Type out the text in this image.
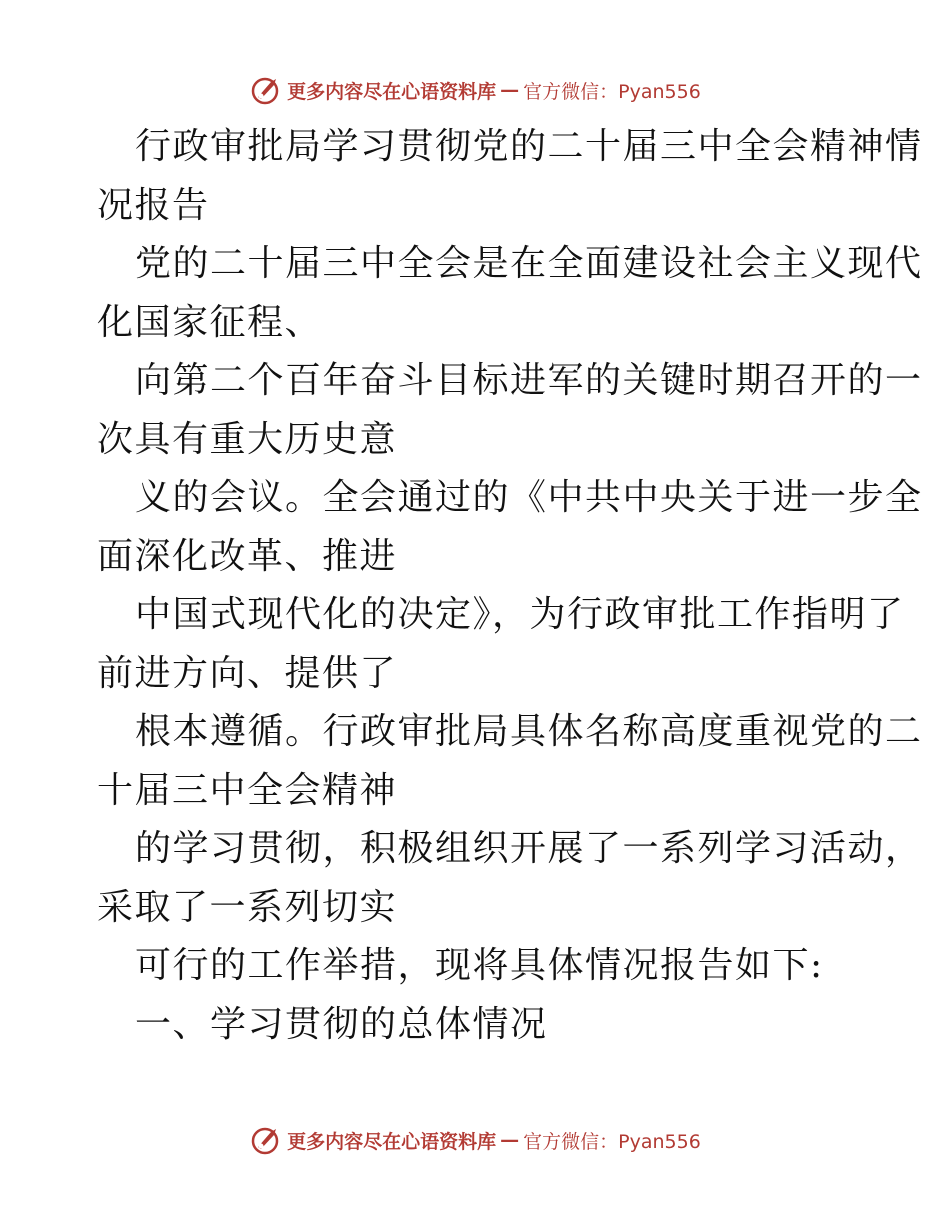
更多内容尽在心语资料库 — 官方微信：Pyan556
行政审批局学习贯彻党的二十届三中全会精神情
况报告
党的二十届三中全会是在全面建设社会主义现代
化国家征程、
向第二个百年奋斗目标进军的关键时期召开的一
次具有重大历史意
义的会议。全会通过的《中共中央关于进一步全
面深化改革、推进
中国式现代化的决定》，为行政审批工作指明了
前进方向、提供了
根本遵循。行政审批局具体名称高度重视党的二
十届三中全会精神
的学习贯彻，积极组织开展了一系列学习活动，
采取了一系列切实
可行的工作举措，现将具体情况报告如下:
一、学习贯彻的总体情况
更多内容尽在心语资料库 — 官方微信：Pyan556
